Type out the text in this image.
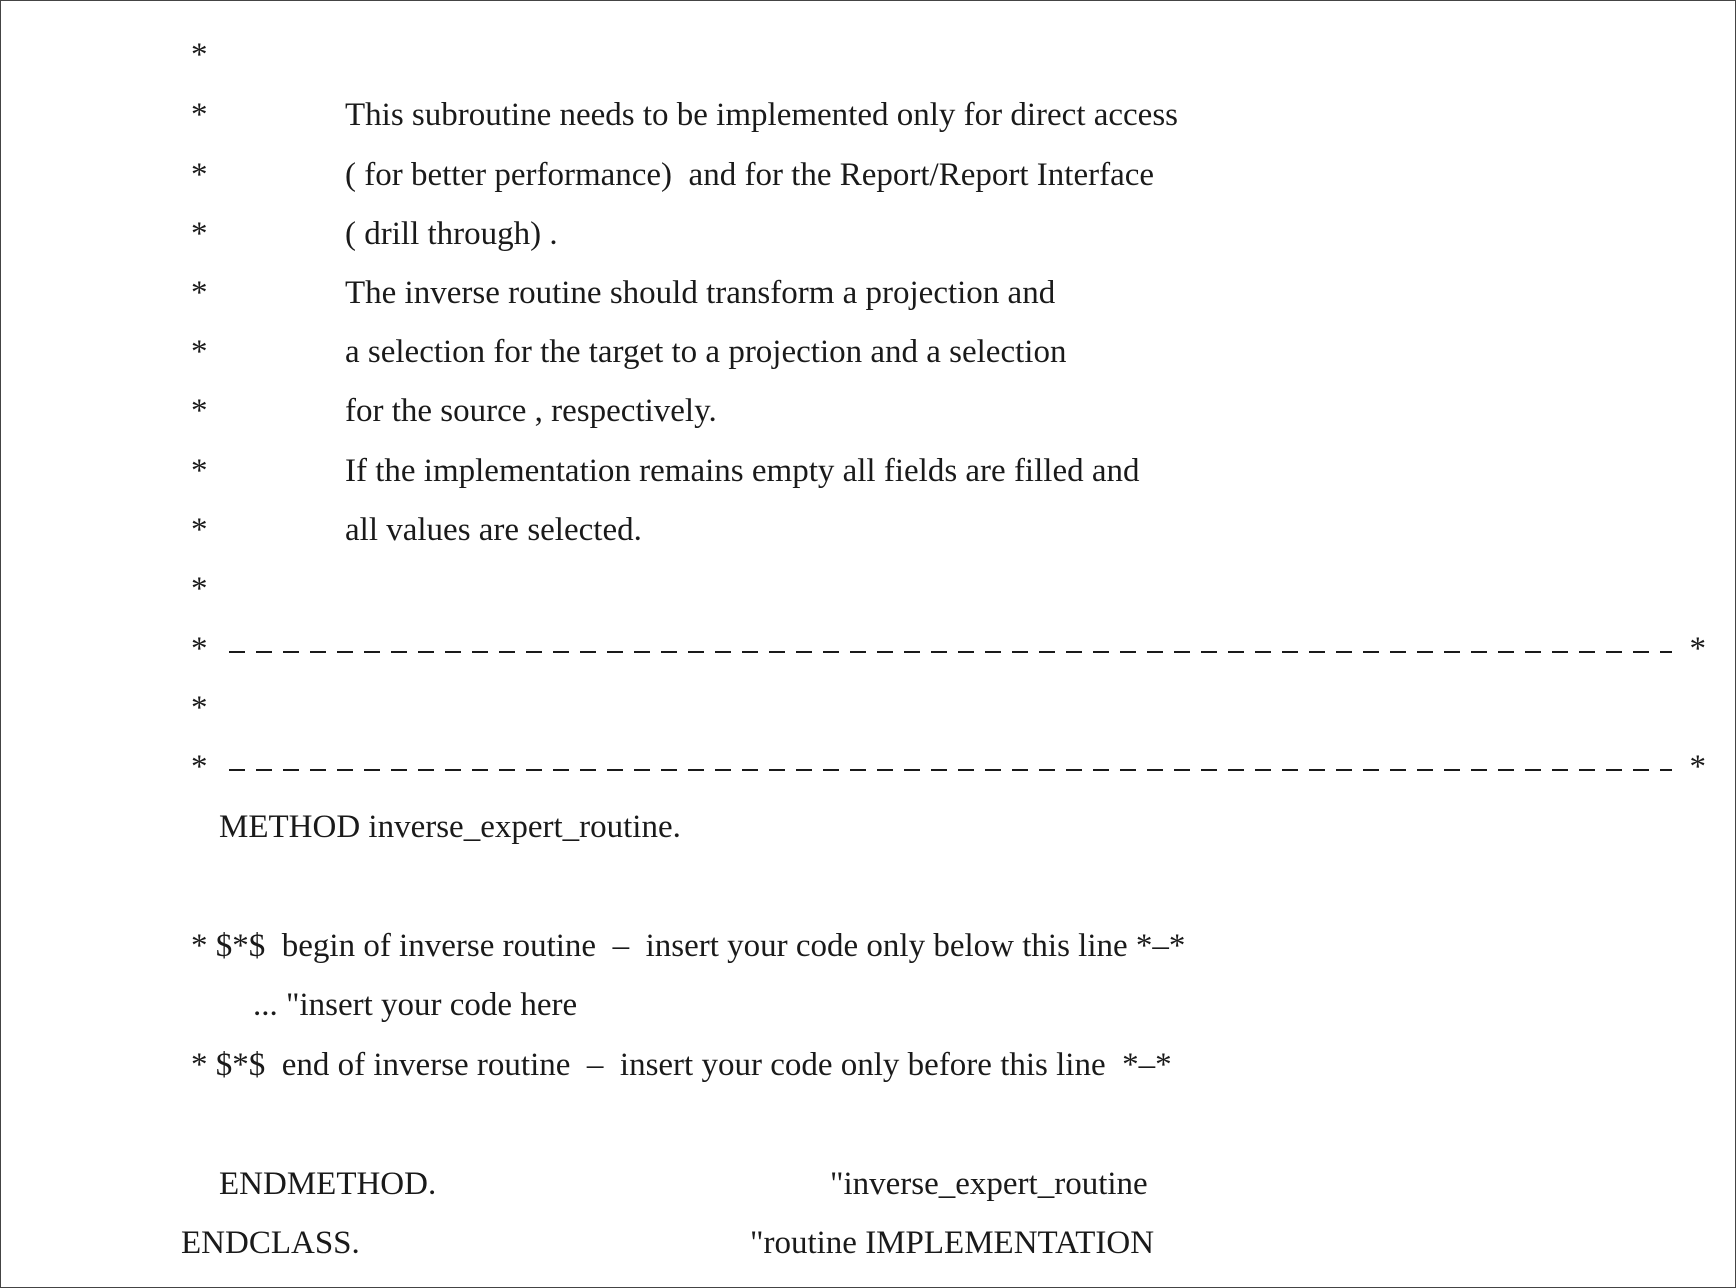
*
*	This subroutine needs to be implemented only for direct access
*	( for better performance)  and for the Report/Report Interface
*	( drill through) .
*	The inverse routine should transform a projection and
*	a selection for the target to a projection and a selection
*	for the source , respectively.
*	If the implementation remains empty all fields are filled and
*	all values are selected.
*
*	*
*
*	*
METHOD inverse_expert_routine.
* $*$  begin of inverse routine  –  insert your code only below this line *–*
... "insert your code here
* $*$  end of inverse routine  –  insert your code only before this line  *–*
ENDMETHOD.	"inverse_expert_routine
ENDCLASS.	"routine IMPLEMENTATION
